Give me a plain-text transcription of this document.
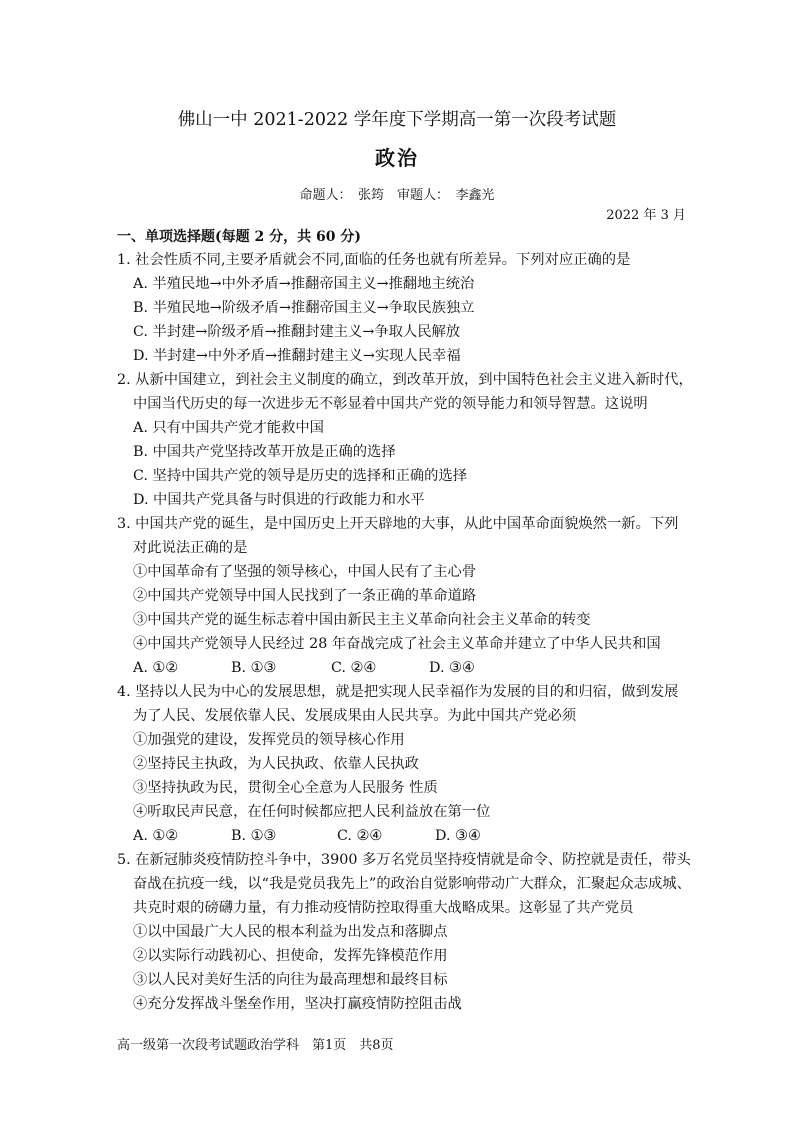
佛山一中 2021-2022 学年度下学期高一第一次段考试题
政治
命题人：　张筠　审题人：　李鑫光
2022 年 3 月
一、单项选择题(每题 2 分，共 60 分)
1. 社会性质不同,主要矛盾就会不同,面临的任务也就有所差异。下列对应正确的是
A. 半殖民地→中外矛盾→推翻帝国主义→推翻地主统治
B. 半殖民地→阶级矛盾→推翻帝国主义→争取民族独立
C. 半封建→阶级矛盾→推翻封建主义→争取人民解放
D. 半封建→中外矛盾→推翻封建主义→实现人民幸福
2. 从新中国建立，到社会主义制度的确立，到改革开放，到中国特色社会主义进入新时代，
中国当代历史的每一次进步无不彰显着中国共产党的领导能力和领导智慧。这说明
A. 只有中国共产党才能救中国
B. 中国共产党坚持改革开放是正确的选择
C. 坚持中国共产党的领导是历史的选择和正确的选择
D. 中国共产党具备与时俱进的行政能力和水平
3. 中国共产党的诞生，是中国历史上开天辟地的大事，从此中国革命面貌焕然一新。下列
对此说法正确的是
①中国革命有了坚强的领导核心，中国人民有了主心骨
②中国共产党领导中国人民找到了一条正确的革命道路
③中国共产党的诞生标志着中国由新民主主义革命向社会主义革命的转变
④中国共产党领导人民经过 28 年奋战完成了社会主义革命并建立了中华人民共和国
A. ①②	B. ①③	C. ②④	D. ③④
4. 坚持以人民为中心的发展思想，就是把实现人民幸福作为发展的目的和归宿，做到发展
为了人民、发展依靠人民、发展成果由人民共享。为此中国共产党必须
①加强党的建设，发挥党员的领导核心作用
②坚持民主执政，为人民执政、依靠人民执政
③坚持执政为民，贯彻全心全意为人民服务 性质
④听取民声民意，在任何时候都应把人民利益放在第一位
A. ①②	B. ①③	C. ②④	D. ③④
5. 在新冠肺炎疫情防控斗争中，3900 多万名党员坚持疫情就是命令、防控就是责任，带头
奋战在抗疫一线，以“我是党员我先上”的政治自觉影响带动广大群众，汇聚起众志成城、
共克时艰的磅礴力量，有力推动疫情防控取得重大战略成果。这彰显了共产党员
①以中国最广大人民的根本利益为出发点和落脚点
②以实际行动践初心、担使命，发挥先锋模范作用
③以人民对美好生活的向往为最高理想和最终目标
④充分发挥战斗堡垒作用，坚决打赢疫情防控阻击战
高一级第一次段考试题政治学科　第1页　共8页
